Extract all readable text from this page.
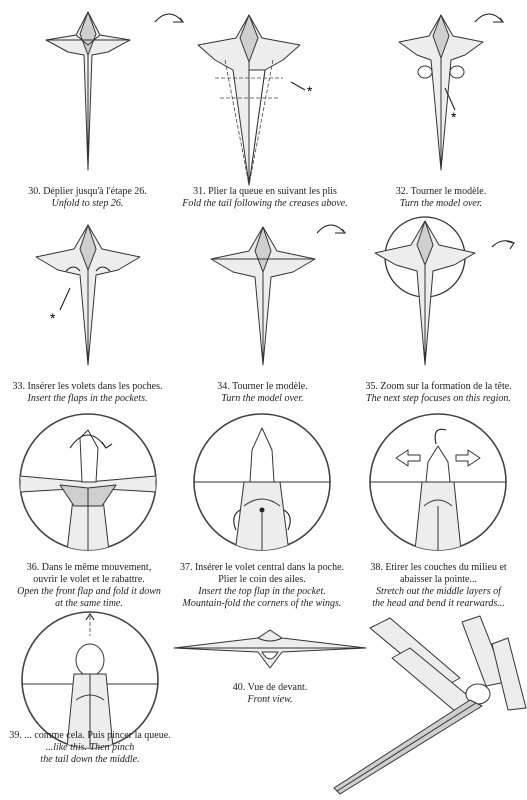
30. Déplier jusqu'à l'étape 26.
Unfold to step 26.
*
31. Plier la queue en suivant les plis
Fold the tail following the creases above.
*
32. Tourner le modèle.
Turn the model over.
*
33. Insérer les volets dans les poches.
Insert the flaps in the pockets.
34. Tourner le modèle.
Turn the model over.
35. Zoom sur la formation de la tête.
The next step focuses on this region.
36. Dans le même mouvement,
ouvrir le volet et le rabattre.
Open the front flap and fold it down
at the same time.
37. Insérer le volet central dans la poche.
Plier le coin des ailes.
Insert the top flap in the pocket.
Mountain-fold the corners of the wings.
38. Etirer les couches du milieu et
abaisser la pointe...
Stretch out the middle layers of
the head and bend it rearwards...
39. ... comme cela. Puis pincer la queue.
...like this. Then pinch
the tail down the middle.
40. Vue de devant.
Front view.
